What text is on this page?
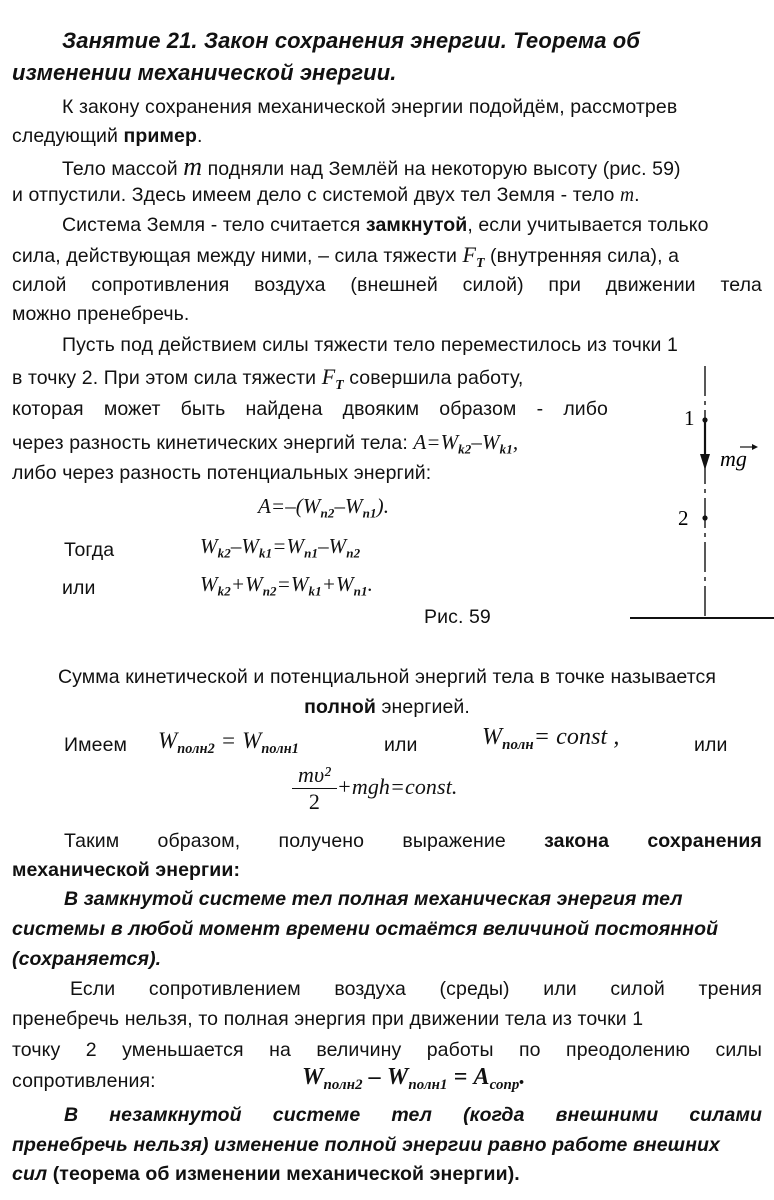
Занятие 21. Закон сохранения энергии. Теорема об
изменении механической энергии.
К закону сохранения механической энергии подойдём, рассмотрев
следующий пример.
Тело массой m подняли над Землёй на некоторую высоту (рис. 59)
и отпустили. Здесь имеем дело с системой двух тел Земля - тело m.
Система Земля - тело считается замкнутой, если учитывается только
сила, действующая между ними, – сила тяжести $F_T$ (внутренняя сила), а
силой сопротивления воздуха (внешней силой) при движении тела
можно пренебречь.
Пусть под действием силы тяжести тело переместилось из точки 1
в точку 2. При этом сила тяжести $F_T$ совершила работу,
которая может быть найдена двояким образом - либо
через разность кинетических энергий тела: $A=W_{k2}-W_{k1}$,
либо через разность потенциальных энергий:
$A=-(W_{п2}-W_{п1})$.
Тогда	$W_{k2}-W_{k1}=W_{п1}-W_{п2}$
или	$W_{k2}+W_{п2}=W_{k1}+W_{п1}$.
1
2
mg
Рис. 59
Сумма кинетической и потенциальной энергий тела в точке называется
полной энергией.
Имеем $W_{полн2} = W_{полн1}$	или	$W_{полн}=$ const ,	или
$\frac{\text{mυ²}}{2}$ +mgh=const.
Таким образом, получено выражение закона сохранения
механической энергии:
В замкнутой системе тел полная механическая энергия тел
системы в любой момент времени остаётся величиной постоянной
(сохраняется).
Если сопротивлением воздуха (среды) или силой трения
пренебречь нельзя, то полная энергия при движении тела из точки 1
точку 2 уменьшается на величину работы по преодолению силы
сопротивления:	$W_{полн2} - W_{полн1} = A_{сопр}$.
В незамкнутой системе тел (когда внешними силами
пренебречь нельзя) изменение полной энергии равно работе внешних
сил (теорема об изменении механической энергии).
